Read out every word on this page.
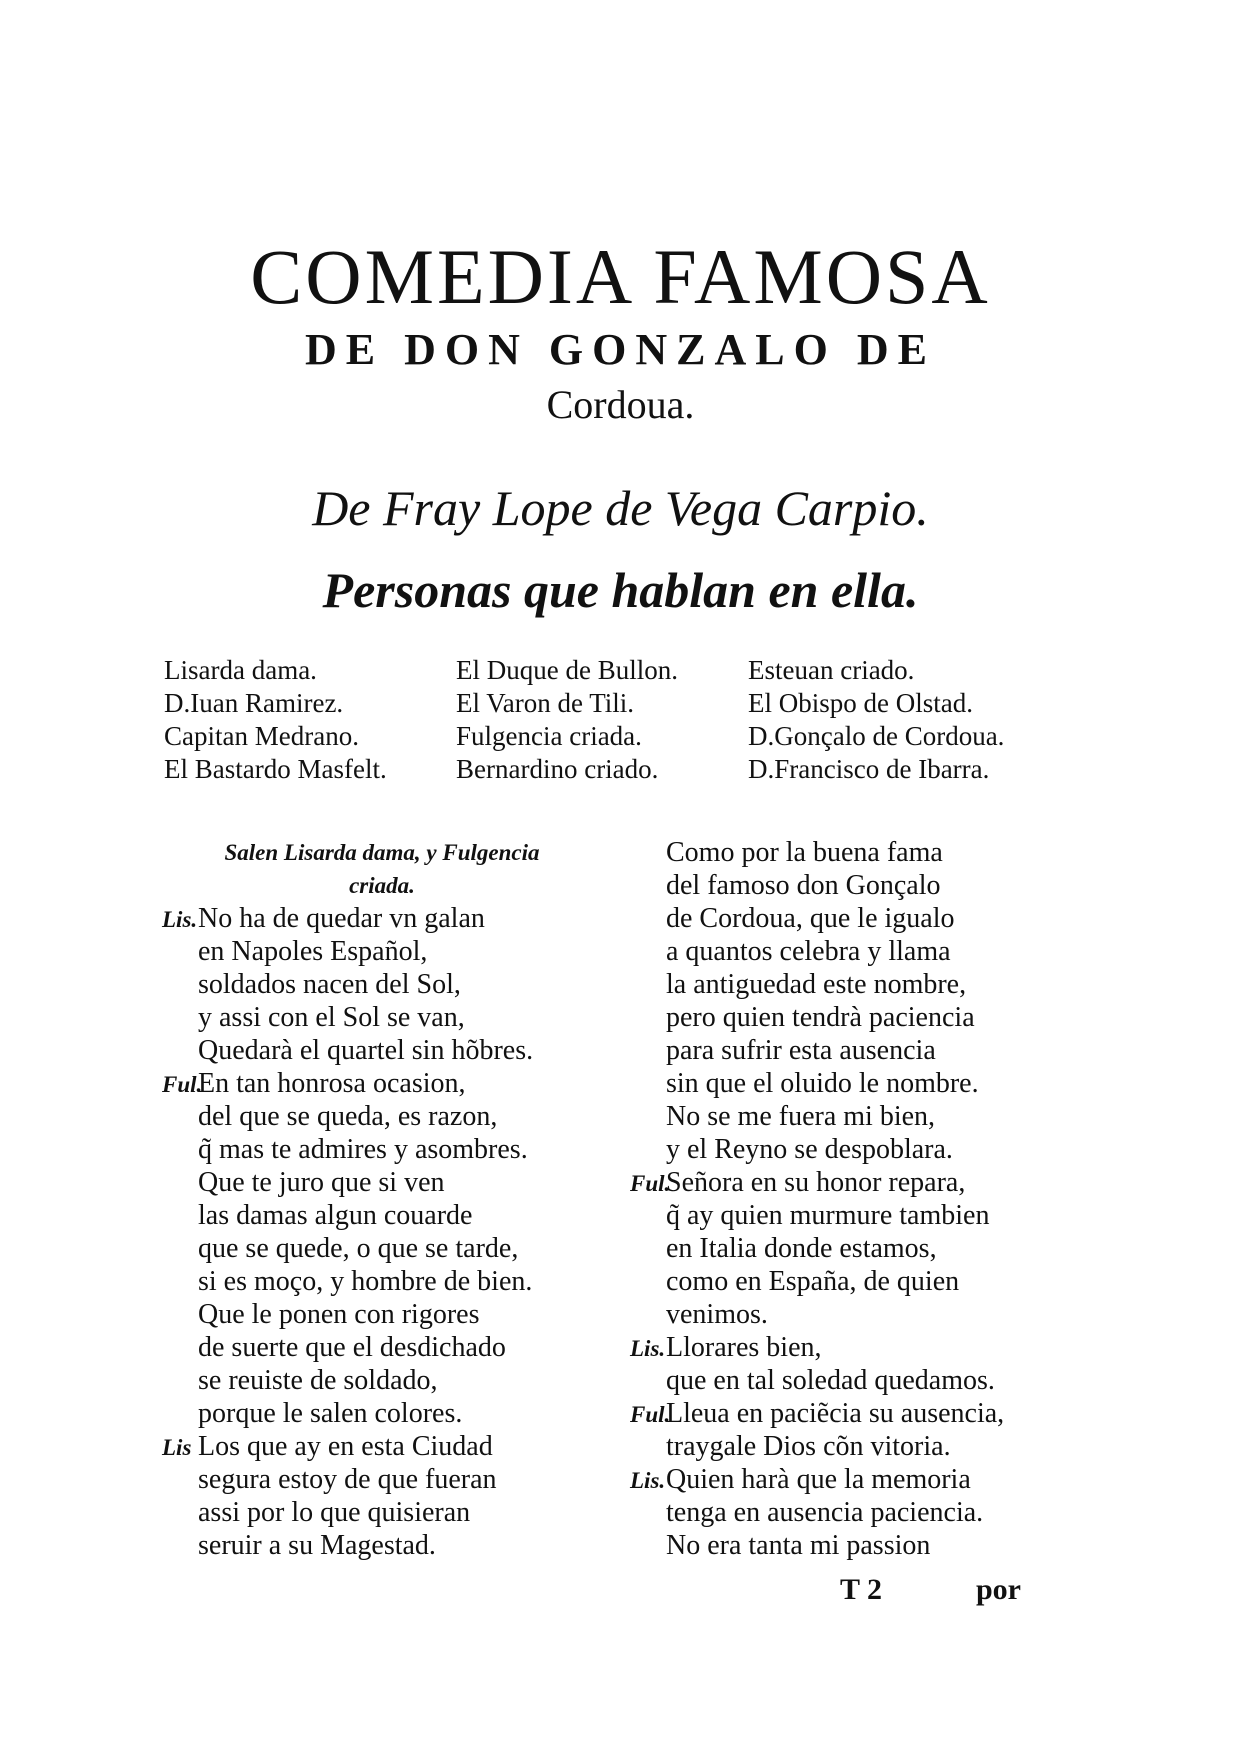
COMEDIA FAMOSA
DE DON GONZALO DE
Cordoua.
De Fray Lope de Vega Carpio.
Personas que hablan en ella.
Lisarda dama.
D.Iuan Ramirez.
Capitan Medrano.
El Bastardo Masfelt.
El Duque de Bullon.
El Varon de Tili.
Fulgencia criada.
Bernardino criado.
Esteuan criado.
El Obispo de Olstad.
D.Gonçalo de Cordoua.
D.Francisco de Ibarra.
Salen Lisarda dama, y Fulgencia
criada.
Lis.No ha de quedar vn galan
en Napoles Español,
soldados nacen del Sol,
y assi con el Sol se van,
Quedarà el quartel sin hõbres.
Ful.En tan honrosa ocasion,
del que se queda, es razon,
q̃ mas te admires y asombres.
Que te juro que si ven
las damas algun couarde
que se quede, o que se tarde,
si es moço, y hombre de bien.
Que le ponen con rigores
de suerte que el desdichado
se reuiste de soldado,
porque le salen colores.
Lis Los que ay en esta Ciudad
segura estoy de que fueran
assi por lo que quisieran
seruir a su Magestad.
Como por la buena fama
del famoso don Gonçalo
de Cordoua, que le igualo
a quantos celebra y llama
la antiguedad este nombre,
pero quien tendrà paciencia
para sufrir esta ausencia
sin que el oluido le nombre.
No se me fuera mi bien,
y el Reyno se despoblara.
Ful.Señora en su honor repara,
q̃ ay quien murmure tambien
en Italia donde estamos,
como en España, de quien
venimos.
Lis.Llorares bien,
que en tal soledad quedamos.
Ful.Lleua en paciẽcia su ausencia,
traygale Dios cõn vitoria.
Lis.Quien harà que la memoria
tenga en ausencia paciencia.
No era tanta mi passion
T 2	por
